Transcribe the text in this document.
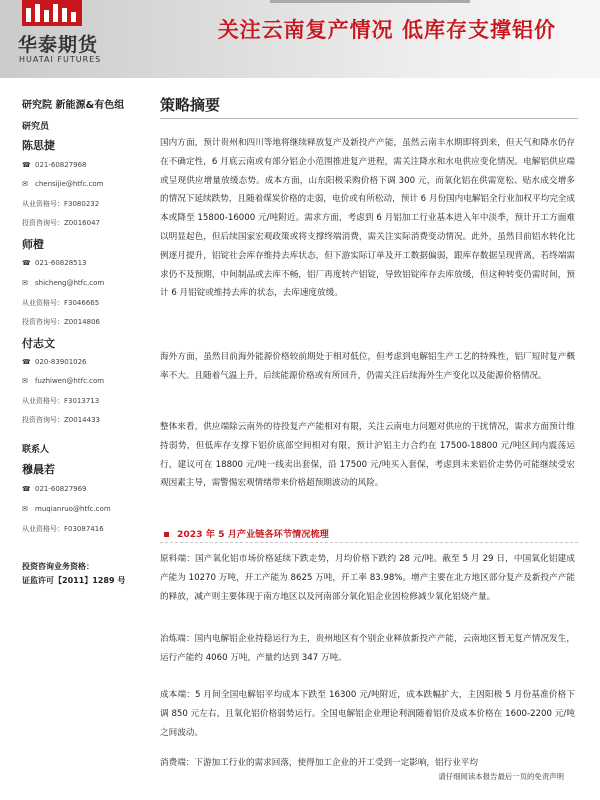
华泰期货
HUATAI FUTURES
关注云南复产情况 低库存支撑铝价
研究院 新能源&有色组
研究员
陈思捷
☎ 021-60827968
✉ chensijie@htfc.com
从业资格号：F3080232
投资咨询号：Z0016047
师橙
☎ 021-60828513
✉ shicheng@htfc.com
从业资格号：F3046665
投资咨询号：Z0014806
付志文
☎ 020-83901026
✉ fuzhiwen@htfc.com
从业资格号：F3013713
投资咨询号：Z0014433
联系人
穆晨若
☎ 021-60827969
✉ muqianruo@htfc.com
从业资格号：F03087416
投资咨询业务资格：
证监许可【2011】1289 号
策略摘要

国内方面，预计贵州和四川等地将继续释放复产及新投产产能，虽然云南丰水期即将到来，但天气和降水仍存在不确定性，6 月底云南或有部分铝企小范围推进复产进程，需关注降水和水电供应变化情况。电解铝供应端或呈现供应增量放缓态势。成本方面，山东阳极采购价格下调 300 元，而氧化铝在供需宽松、贴水成交增多的情况下延续跌势，且随着煤炭价格的走弱，电价或有所松动，预计 6 月份国内电解铝全行业加权平均完全成本或降至 15800-16000 元/吨附近。需求方面，考虑到 6 月铝加工行业基本进入年中淡季，预计开工方面难以明显起色，但后续国家宏观政策或将支撑终端消费，需关注实际消费变动情况。此外，虽然目前铝水转化比例逐月提升，铝锭社会库存维持去库状态，但下游实际订单及开工数据偏弱，跟库存数据呈现背离，若终端需求仍不及预期，中间制品或去库不畅，铝厂再度转产铝锭，导致铝锭库存去库放缓，但这种转变仍需时间，预计 6 月铝锭或维持去库的状态，去库速度放缓。

海外方面，虽然目前海外能源价格较前期处于相对低位，但考虑到电解铝生产工艺的特殊性，铝厂短时复产概率不大。且随着气温上升，后续能源价格或有所回升，仍需关注后续海外生产变化以及能源价格情况。

整体来看，供应端除云南外的待投复产产能相对有限，关注云南电力问题对供应的干扰情况，需求方面预计维持弱势，但低库存支撑下铝价底部空间相对有限，预计沪铝主力合约在 17500-18800 元/吨区间内震荡运行，建议可在 18800 元/吨一线卖出套保，沿 17500 元/吨买入套保，考虑到未来铝价走势仍可能继续受宏观因素主导，需警惕宏观情绪带来价格超预期波动的风险。

2023 年 5 月产业链各环节情况梳理

原料端：国产氧化铝市场价格延续下跌走势，月均价格下跌约 28 元/吨。截至 5 月 29 日，中国氧化铝建成产能为 10270 万吨，开工产能为 8625 万吨，开工率 83.98%。增产主要在北方地区部分复产及新投产产能的释放，减产则主要体现于南方地区以及河南部分氧化铝企业因检修减少氧化铝烧产量。

冶炼端：国内电解铝企业持稳运行为主，贵州地区有个别企业释放新投产产能，云南地区暂无复产情况发生，运行产能约 4060 万吨，产量约达到 347 万吨。

成本端：5 月间全国电解铝平均成本下跌至 16300 元/吨附近，成本跌幅扩大，主因阳极 5 月份基准价格下调 850 元左右，且氧化铝价格弱势运行。全国电解铝企业理论利润随着铝价及成本价格在 1600-2200 元/吨之间波动。

消费端：下游加工行业的需求回落，使得加工企业的开工受到一定影响，铝行业平均

请仔细阅读本报告最后一页的免责声明
